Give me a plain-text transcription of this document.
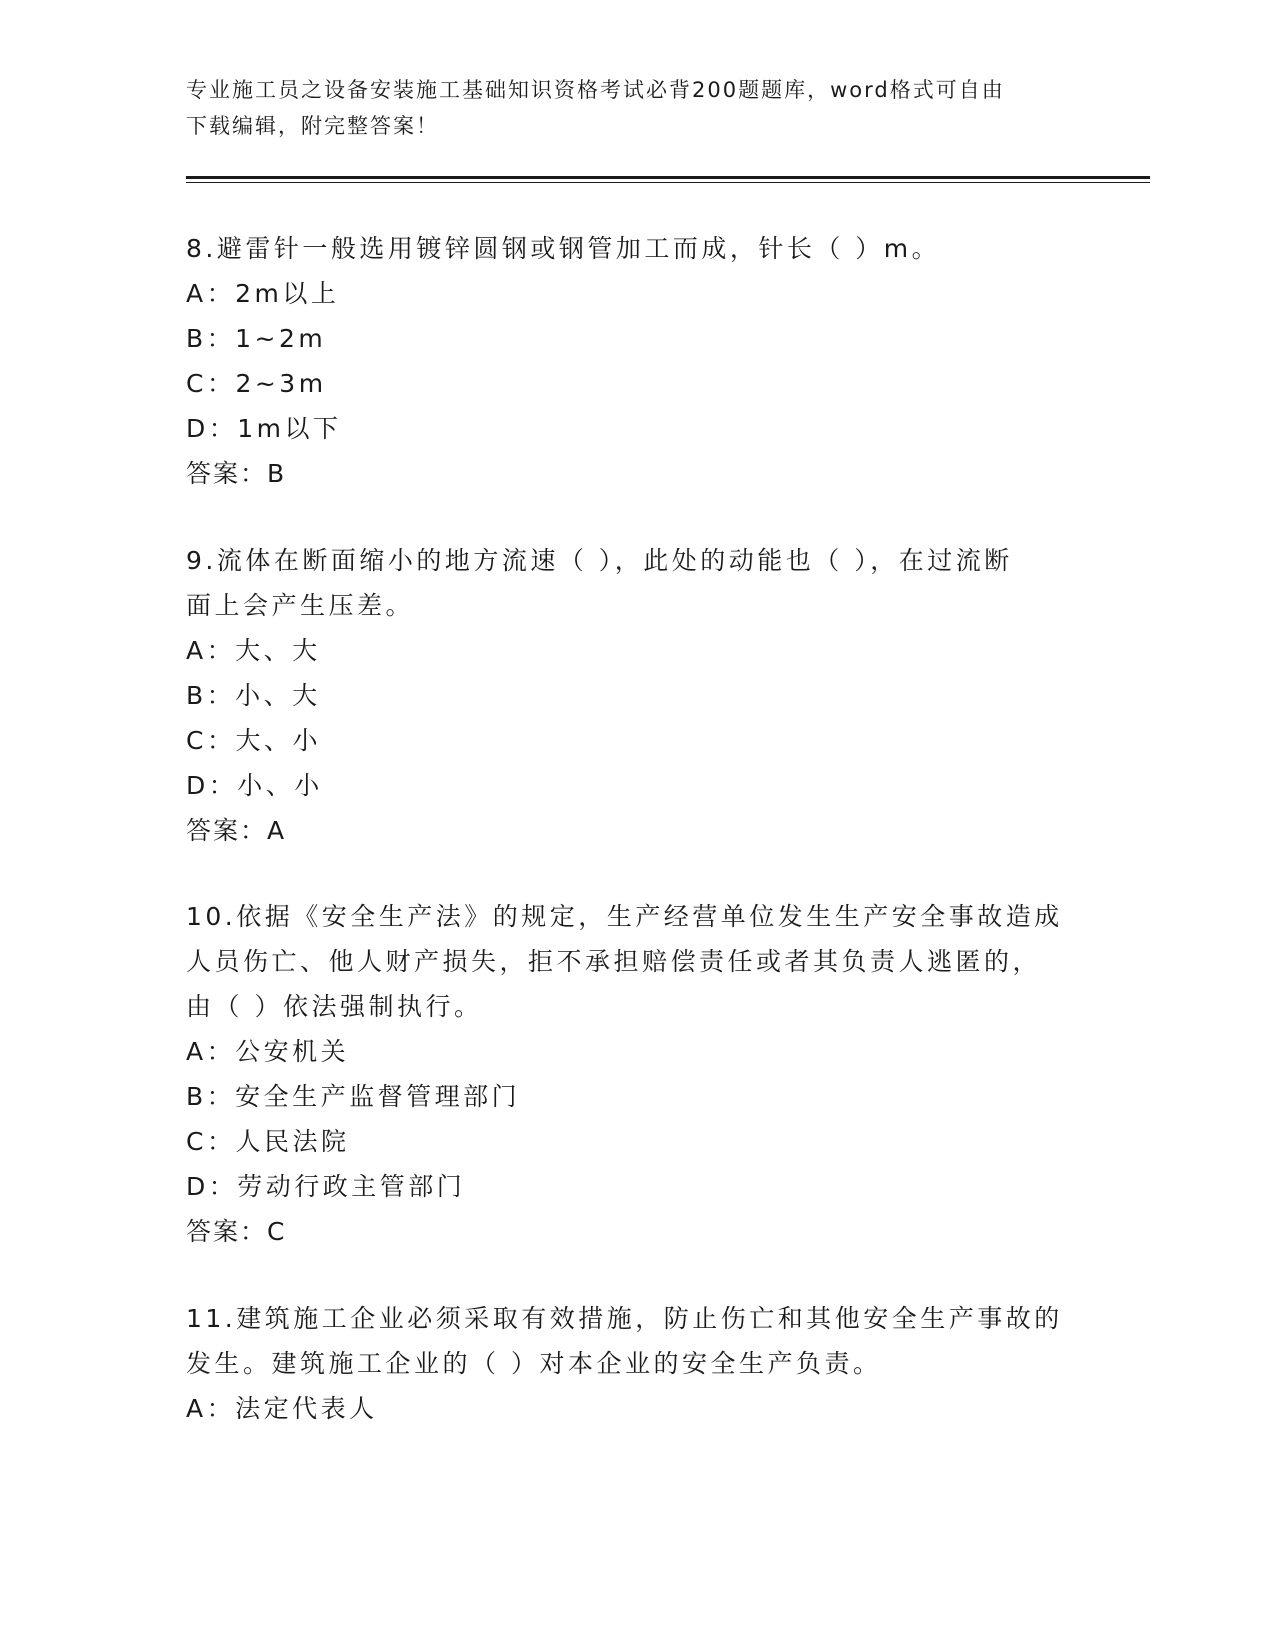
专业施工员之设备安装施工基础知识资格考试必背200题题库，word格式可自由
下载编辑，附完整答案！
8.避雷针一般选用镀锌圆钢或钢管加工而成，针长（ ）m。
A：2m以上
B：1~2m
C：2~3m
D：1m以下
答案：B
9.流体在断面缩小的地方流速（ ），此处的动能也（ ），在过流断
面上会产生压差。
A：大、大
B：小、大
C：大、小
D：小、小
答案：A
10.依据《安全生产法》的规定，生产经营单位发生生产安全事故造成
人员伤亡、他人财产损失，拒不承担赔偿责任或者其负责人逃匿的，
由（ ）依法强制执行。
A：公安机关
B：安全生产监督管理部门
C：人民法院
D：劳动行政主管部门
答案：C
11.建筑施工企业必须采取有效措施，防止伤亡和其他安全生产事故的
发生。建筑施工企业的（ ）对本企业的安全生产负责。
A：法定代表人
